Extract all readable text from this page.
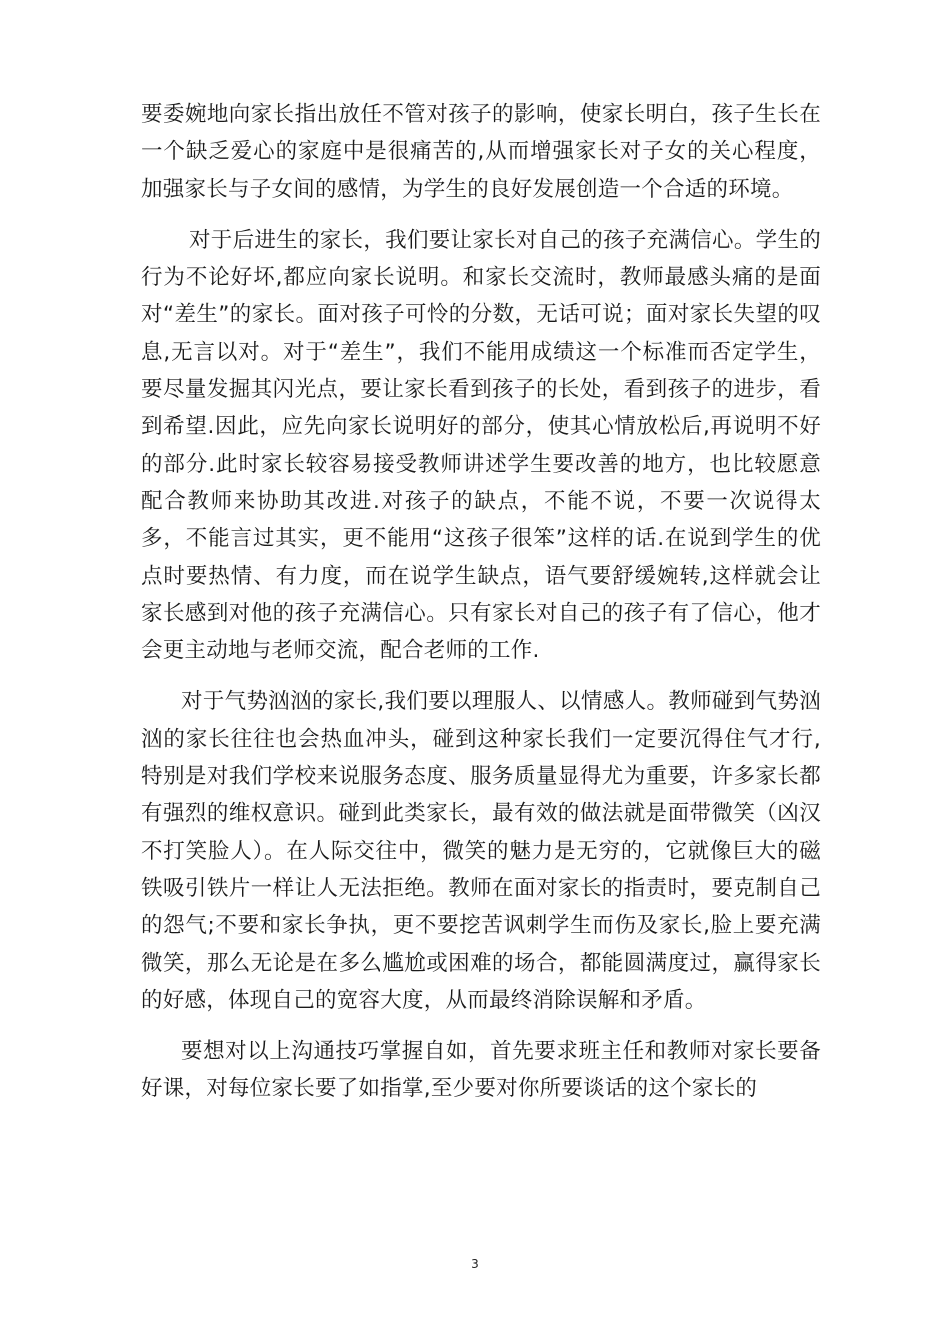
要委婉地向家长指出放任不管对孩子的影响，使家长明白，孩子生长在一个缺乏爱心的家庭中是很痛苦的,从而增强家长对子女的关心程度，加强家长与子女间的感情，为学生的良好发展创造一个合适的环境。

对于后进生的家长，我们要让家长对自己的孩子充满信心。学生的行为不论好坏,都应向家长说明。和家长交流时，教师最感头痛的是面对“差生”的家长。面对孩子可怜的分数，无话可说；面对家长失望的叹息,无言以对。对于“差生”，我们不能用成绩这一个标准而否定学生，要尽量发掘其闪光点，要让家长看到孩子的长处，看到孩子的进步，看到希望.因此，应先向家长说明好的部分，使其心情放松后,再说明不好的部分.此时家长较容易接受教师讲述学生要改善的地方，也比较愿意配合教师来协助其改进.对孩子的缺点，不能不说，不要一次说得太多，不能言过其实，更不能用“这孩子很笨”这样的话.在说到学生的优点时要热情、有力度，而在说学生缺点，语气要舒缓婉转,这样就会让家长感到对他的孩子充满信心。只有家长对自己的孩子有了信心，他才会更主动地与老师交流，配合老师的工作.

对于气势汹汹的家长,我们要以理服人、以情感人。教师碰到气势汹汹的家长往往也会热血冲头，碰到这种家长我们一定要沉得住气才行,特别是对我们学校来说服务态度、服务质量显得尤为重要，许多家长都有强烈的维权意识。碰到此类家长，最有效的做法就是面带微笑（凶汉不打笑脸人）。在人际交往中，微笑的魅力是无穷的，它就像巨大的磁铁吸引铁片一样让人无法拒绝。教师在面对家长的指责时，要克制自己的怨气;不要和家长争执，更不要挖苦讽刺学生而伤及家长,脸上要充满微笑，那么无论是在多么尴尬或困难的场合，都能圆满度过，赢得家长的好感，体现自己的宽容大度，从而最终消除误解和矛盾。

要想对以上沟通技巧掌握自如，首先要求班主任和教师对家长要备好课，对每位家长要了如指掌,至少要对你所要谈话的这个家长的

3
